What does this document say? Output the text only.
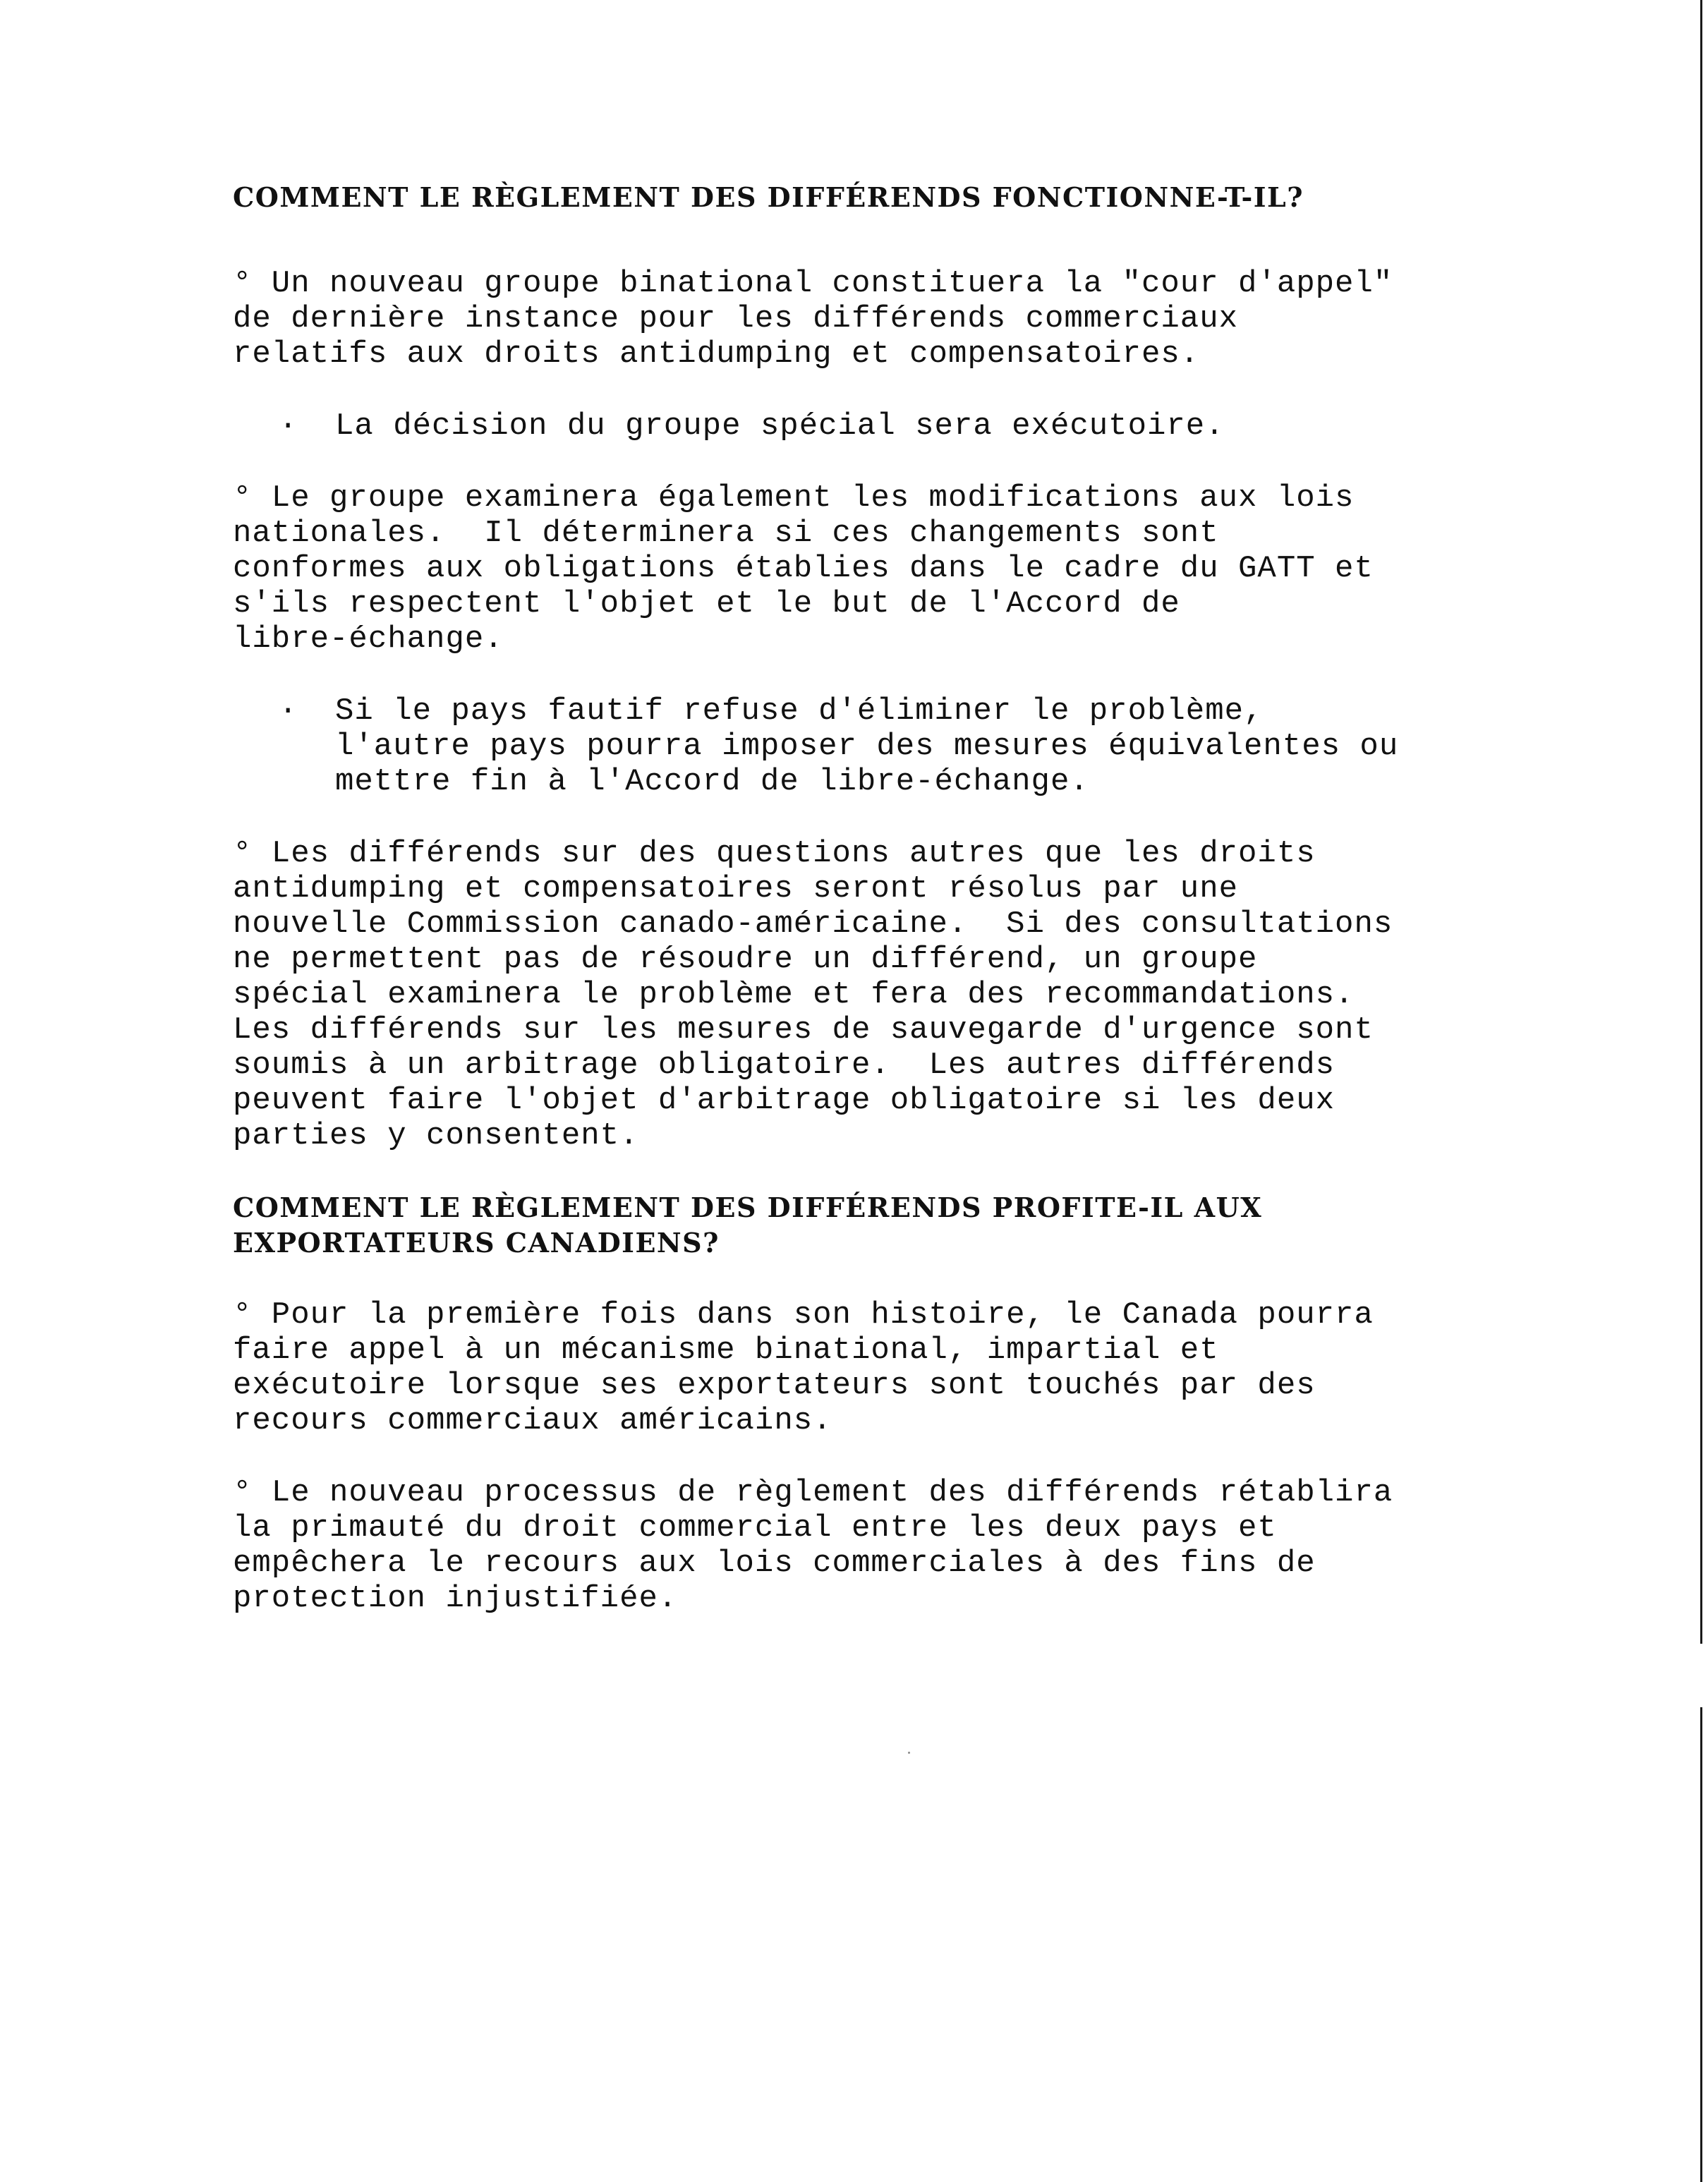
COMMENT LE RÈGLEMENT DES DIFFÉRENDS FONCTIONNE-T-IL?

° Un nouveau groupe binational constituera la "cour d'appel"
de dernière instance pour les différends commerciaux
relatifs aux droits antidumping et compensatoires.

· La décision du groupe spécial sera exécutoire.

° Le groupe examinera également les modifications aux lois
nationales.  Il déterminera si ces changements sont
conformes aux obligations établies dans le cadre du GATT et
s'ils respectent l'objet et le but de l'Accord de
libre-échange.

· Si le pays fautif refuse d'éliminer le problème,
l'autre pays pourra imposer des mesures équivalentes ou
mettre fin à l'Accord de libre-échange.

° Les différends sur des questions autres que les droits
antidumping et compensatoires seront résolus par une
nouvelle Commission canado-américaine.  Si des consultations
ne permettent pas de résoudre un différend, un groupe
spécial examinera le problème et fera des recommandations.
Les différends sur les mesures de sauvegarde d'urgence sont
soumis à un arbitrage obligatoire.  Les autres différends
peuvent faire l'objet d'arbitrage obligatoire si les deux
parties y consentent.

COMMENT LE RÈGLEMENT DES DIFFÉRENDS PROFITE-IL AUX
EXPORTATEURS CANADIENS?

° Pour la première fois dans son histoire, le Canada pourra
faire appel à un mécanisme binational, impartial et
exécutoire lorsque ses exportateurs sont touchés par des
recours commerciaux américains.

° Le nouveau processus de règlement des différends rétablira
la primauté du droit commercial entre les deux pays et
empêchera le recours aux lois commerciales à des fins de
protection injustifiée.
